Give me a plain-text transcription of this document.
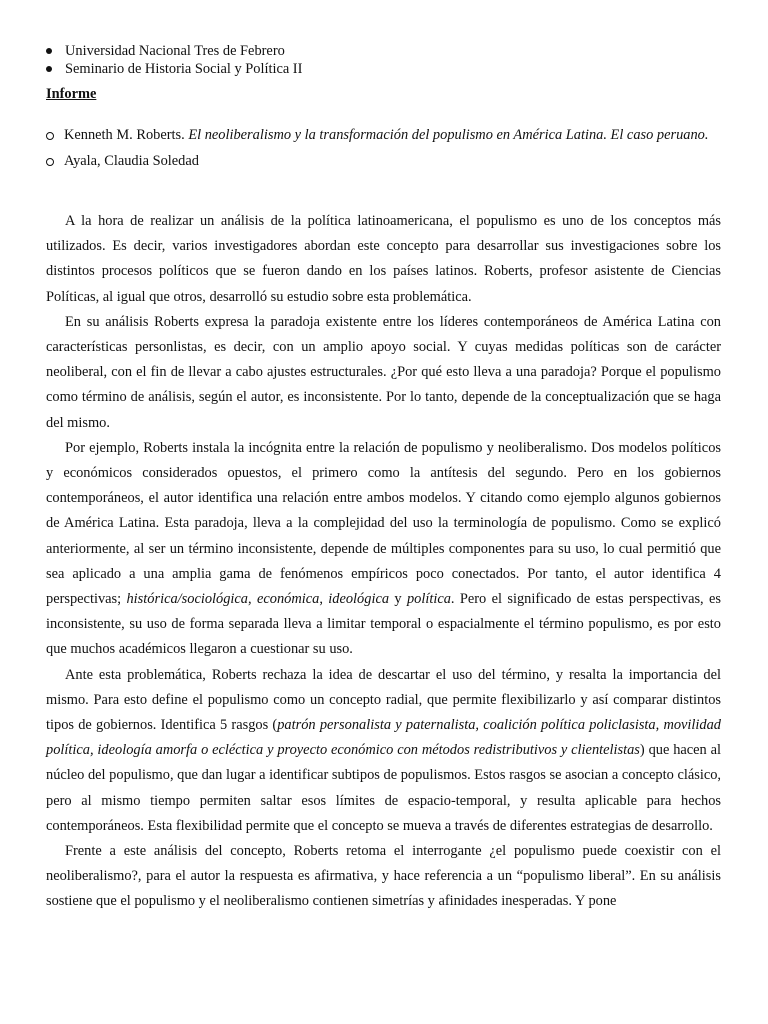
Universidad Nacional Tres de Febrero
Seminario de Historia Social y Política II
Informe
Kenneth M. Roberts. El neoliberalismo y la transformación del populismo en América Latina. El caso peruano.
Ayala, Claudia Soledad

A la hora de realizar un análisis de la política latinoamericana, el populismo es uno de los conceptos más utilizados. Es decir, varios investigadores abordan este concepto para desarrollar sus investigaciones sobre los distintos procesos políticos que se fueron dando en los países latinos. Roberts, profesor asistente de Ciencias Políticas, al igual que otros, desarrolló su estudio sobre esta problemática.

En su análisis Roberts expresa la paradoja existente entre los líderes contemporáneos de América Latina con características personlistas, es decir, con un amplio apoyo social. Y cuyas medidas políticas son de carácter neoliberal, con el fin de llevar a cabo ajustes estructurales. ¿Por qué esto lleva a una paradoja? Porque el populismo como término de análisis, según el autor, es inconsistente. Por lo tanto, depende de la conceptualización que se haga del mismo.

Por ejemplo, Roberts instala la incógnita entre la relación de populismo y neoliberalismo. Dos modelos políticos y económicos considerados opuestos, el primero como la antítesis del segundo. Pero en los gobiernos contemporáneos, el autor identifica una relación entre ambos modelos. Y citando como ejemplo algunos gobiernos de América Latina. Esta paradoja, lleva a la complejidad del uso la terminología de populismo. Como se explicó anteriormente, al ser un término inconsistente, depende de múltiples componentes para su uso, lo cual permitió que sea aplicado a una amplia gama de fenómenos empíricos poco conectados. Por tanto, el autor identifica 4 perspectivas; histórica/sociológica, económica, ideológica y política. Pero el significado de estas perspectivas, es inconsistente, su uso de forma separada lleva a limitar temporal o espacialmente el término populismo, es por esto que muchos académicos llegaron a cuestionar su uso.

Ante esta problemática, Roberts rechaza la idea de descartar el uso del término, y resalta la importancia del mismo. Para esto define el populismo como un concepto radial, que permite flexibilizarlo y así comparar distintos tipos de gobiernos. Identifica 5 rasgos (patrón personalista y paternalista, coalición política policlasista, movilidad política, ideología amorfa o ecléctica y proyecto económico con métodos redistributivos y clientelistas) que hacen al núcleo del populismo, que dan lugar a identificar subtipos de populismos. Estos rasgos se asocian a concepto clásico, pero al mismo tiempo permiten saltar esos límites de espacio-temporal, y resulta aplicable para hechos contemporáneos. Esta flexibilidad permite que el concepto se mueva a través de diferentes estrategias de desarrollo.

Frente a este análisis del concepto, Roberts retoma el interrogante ¿el populismo puede coexistir con el neoliberalismo?, para el autor la respuesta es afirmativa, y hace referencia a un “populismo liberal”. En su análisis sostiene que el populismo y el neoliberalismo contienen simetrías y afinidades inesperadas. Y pone
